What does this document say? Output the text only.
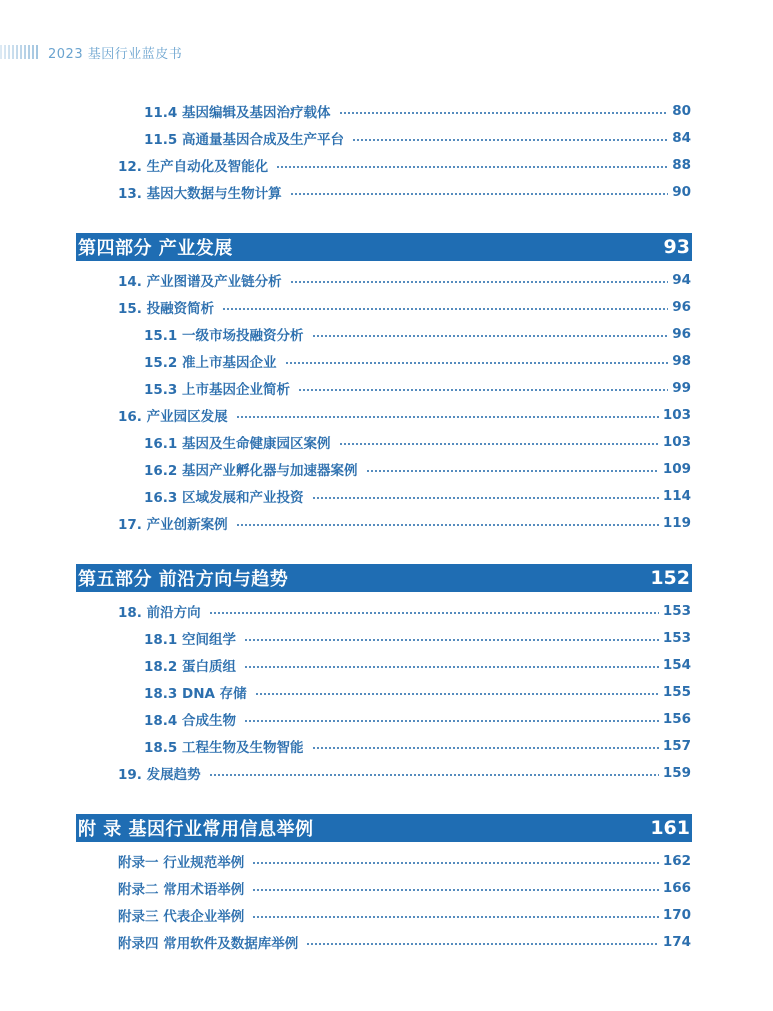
2023 基因行业蓝皮书
11.4 基因编辑及基因治疗载体	80
11.5 高通量基因合成及生产平台	84
12. 生产自动化及智能化	88
13. 基因大数据与生物计算	90
第四部分 产业发展	93
14. 产业图谱及产业链分析	94
15. 投融资简析	96
15.1 一级市场投融资分析	96
15.2 准上市基因企业	98
15.3 上市基因企业简析	99
16. 产业园区发展	103
16.1 基因及生命健康园区案例	103
16.2 基因产业孵化器与加速器案例	109
16.3 区域发展和产业投资	114
17. 产业创新案例	119
第五部分 前沿方向与趋势	152
18. 前沿方向	153
18.1 空间组学	153
18.2 蛋白质组	154
18.3 DNA 存储	155
18.4 合成生物	156
18.5 工程生物及生物智能	157
19. 发展趋势	159
附 录 基因行业常用信息举例	161
附录一 行业规范举例	162
附录二 常用术语举例	166
附录三 代表企业举例	170
附录四 常用软件及数据库举例	174
